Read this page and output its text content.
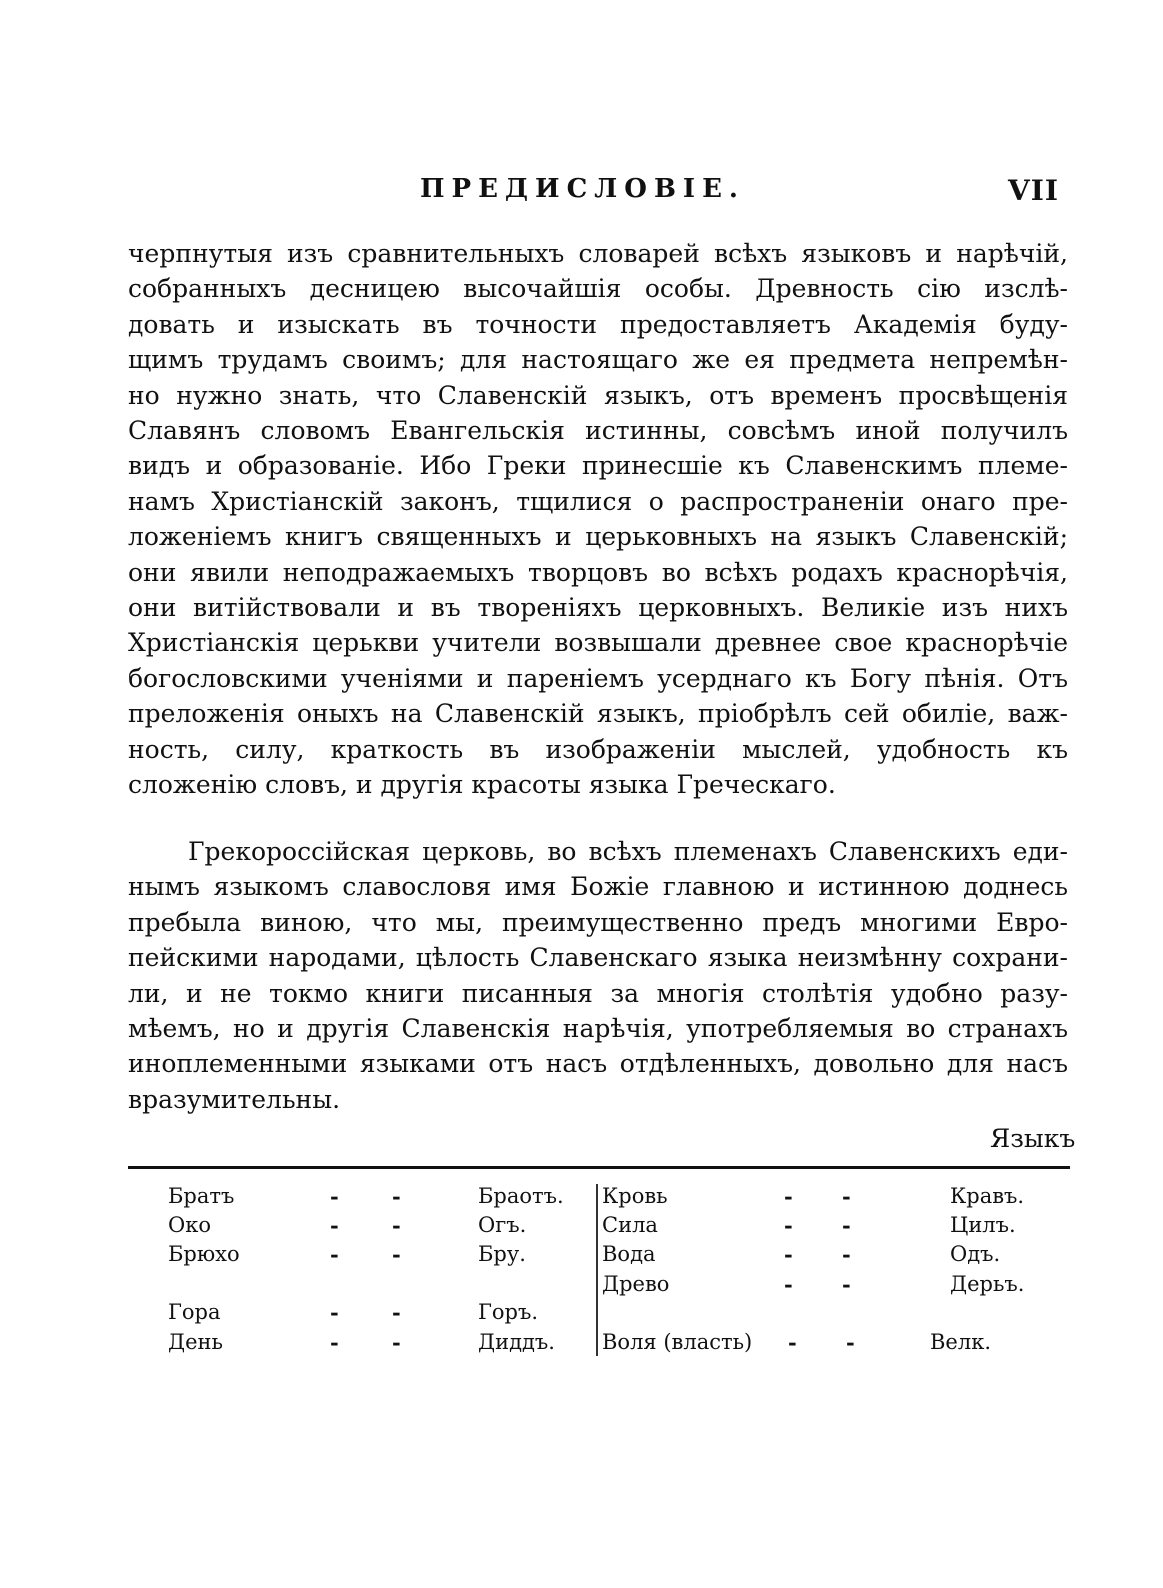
ПРЕДИСЛОВІЕ.	VII
черпнутыя изъ сравнительныхъ словарей всѣхъ языковъ и нарѣчій,
собранныхъ десницею высочайшія особы. Древность сію изслѣ-
довать и изыскать въ точности предоставляетъ Академія буду-
щимъ трудамъ своимъ; для настоящаго же ея предмета непремѣн-
но нужно знать, что Славенскій языкъ, отъ временъ просвѣщенія
Славянъ словомъ Евангельскія истинны, совсѣмъ иной получилъ
видъ и образованіе. Ибо Греки принесшіе къ Славенскимъ племе-
намъ Христіанскій законъ, тщилися о распространеніи онаго пре-
ложеніемъ книгъ священныхъ и церьковныхъ на языкъ Славенскій;
они явили неподражаемыхъ творцовъ во всѣхъ родахъ краснорѣчія,
они витійствовали и въ твореніяхъ церковныхъ. Великіе изъ нихъ
Христіанскія церькви учители возвышали древнее свое краснорѣчіе
богословскими ученіями и пареніемъ усерднаго къ Богу пѣнія. Отъ
преложенія оныхъ на Славенскій языкъ, пріобрѣлъ сей обиліе, важ-
ность, силу, краткость въ изображеніи мыслей, удобность къ
сложенію словъ, и другія красоты языка Греческаго.
Грекороссійская церковь, во всѣхъ племенахъ Славенскихъ еди-
нымъ языкомъ славословя имя Божіе главною и истинною доднесь
пребыла виною, что мы, преимущественно предъ многими Евро-
пейскими народами, цѣлость Славенскаго языка неизмѣнну сохрани-
ли, и не токмо книги писанныя за многія столѣтія удобно разу-
мѣемъ, но и другія Славенскія нарѣчія, употребляемыя во странахъ
иноплеменными языками отъ насъ отдѣленныхъ, довольно для насъ
вразумительны.
Языкъ
Братъ	-	-	Браотъ.
Око	-	-	Огъ.
Брюхо	-	-	Бру.
Гора	-	-	Горъ.
День	-	-	Диддъ.
Кровь	- -	Кравъ.
Сила	- -	Цилъ.
Вода	- -	Одъ.
Древо	- -	Дерьъ.
Воля (власть) - -	Велк.
